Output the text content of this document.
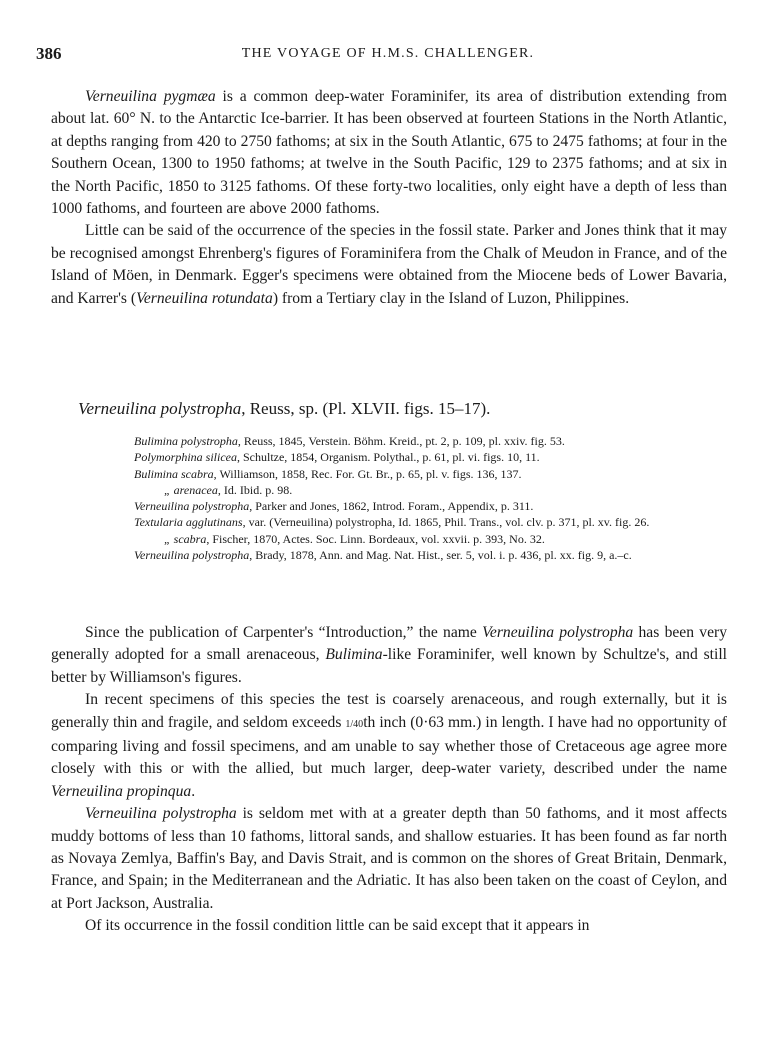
386	THE VOYAGE OF H.M.S. CHALLENGER.

Verneuilina pygmæa is a common deep-water Foraminifer, its area of distribution extending from about lat. 60° N. to the Antarctic Ice-barrier. It has been observed at fourteen Stations in the North Atlantic, at depths ranging from 420 to 2750 fathoms; at six in the South Atlantic, 675 to 2475 fathoms; at four in the Southern Ocean, 1300 to 1950 fathoms; at twelve in the South Pacific, 129 to 2375 fathoms; and at six in the North Pacific, 1850 to 3125 fathoms. Of these forty-two localities, only eight have a depth of less than 1000 fathoms, and fourteen are above 2000 fathoms.

Little can be said of the occurrence of the species in the fossil state. Parker and Jones think that it may be recognised amongst Ehrenberg's figures of Foraminifera from the Chalk of Meudon in France, and of the Island of Möen, in Denmark. Egger's specimens were obtained from the Miocene beds of Lower Bavaria, and Karrer's (Verneuilina rotundata) from a Tertiary clay in the Island of Luzon, Philippines.

Verneuilina polystropha, Reuss, sp. (Pl. XLVII. figs. 15–17).

Bulimina polystropha, Reuss, 1845, Verstein. Böhm. Kreid., pt. 2, p. 109, pl. xxiv. fig. 53.

Polymorphina silicea, Schultze, 1854, Organism. Polythal., p. 61, pl. vi. figs. 10, 11.

Bulimina scabra, Williamson, 1858, Rec. For. Gt. Br., p. 65, pl. v. figs. 136, 137.

„ arenacea, Id. Ibid. p. 98.

Verneuilina polystropha, Parker and Jones, 1862, Introd. Foram., Appendix, p. 311.

Textularia agglutinans, var. (Verneuilina) polystropha, Id. 1865, Phil. Trans., vol. clv. p. 371, pl. xv. fig. 26.

„ scabra, Fischer, 1870, Actes. Soc. Linn. Bordeaux, vol. xxvii. p. 393, No. 32.

Verneuilina polystropha, Brady, 1878, Ann. and Mag. Nat. Hist., ser. 5, vol. i. p. 436, pl. xx. fig. 9, a.–c.

Since the publication of Carpenter's “Introduction,” the name Verneuilina polystropha has been very generally adopted for a small arenaceous, Bulimina-like Foraminifer, well known by Schultze's, and still better by Williamson's figures.

In recent specimens of this species the test is coarsely arenaceous, and rough externally, but it is generally thin and fragile, and seldom exceeds 1/40th inch (0·63 mm.) in length. I have had no opportunity of comparing living and fossil specimens, and am unable to say whether those of Cretaceous age agree more closely with this or with the allied, but much larger, deep-water variety, described under the name Verneuilina propinqua.

Verneuilina polystropha is seldom met with at a greater depth than 50 fathoms, and it most affects muddy bottoms of less than 10 fathoms, littoral sands, and shallow estuaries. It has been found as far north as Novaya Zemlya, Baffin's Bay, and Davis Strait, and is common on the shores of Great Britain, Denmark, France, and Spain; in the Mediterranean and the Adriatic. It has also been taken on the coast of Ceylon, and at Port Jackson, Australia.

Of its occurrence in the fossil condition little can be said except that it appears in
